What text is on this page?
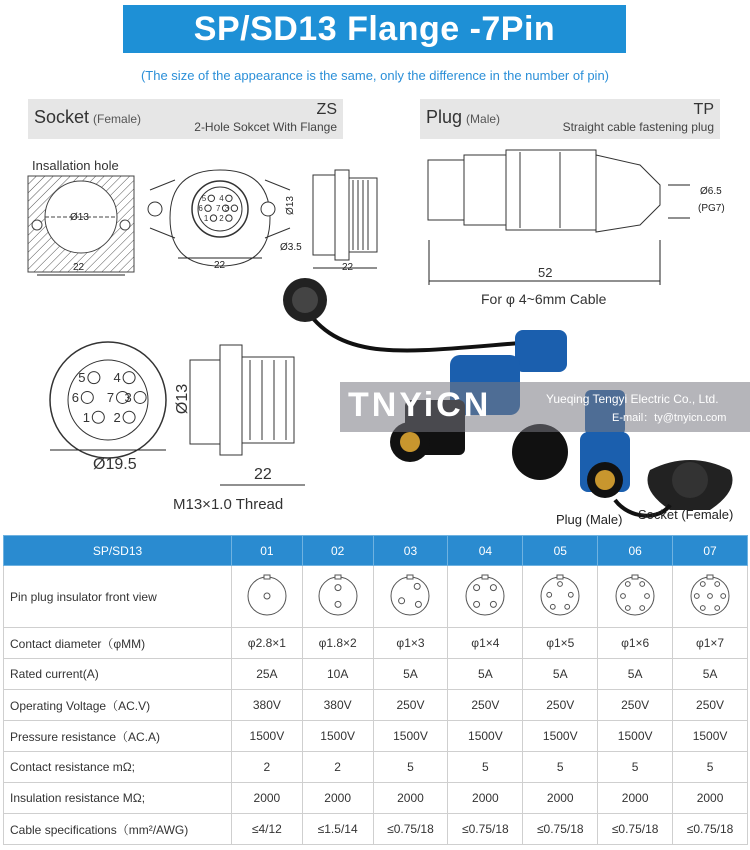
SP/SD13 Flange -7Pin
(The size of the appearance is the same, only the difference in the number of pin)
Socket (Female)
ZS
2-Hole Sokcet With Flange	Plug (Male)
TP
Straight cable fastening plug
5 4
6 7 3
1 2
5 4
6 7 3
1 2
Insallation hole
Ø13
22	22
Ø13
Ø3.5
22
Ø6.5
(PG7)
52
For φ 4~6mm Cable
Ø19.5
Ø13
22
M13×1.0 Thread
TNYiCN	Yueqing Tengyi Electric Co., Ltd.
E-mail：ty@tnyicn.com
Plug (Male) Socket (Female)
SP/SD13	01	02	03	04	05	06	07
Pin plug insulator front view							
Contact diameter（φMM)	φ2.8×1	φ1.8×2	φ1×3	φ1×4	φ1×5	φ1×6	φ1×7
Rated current(A)	25A	10A	5A	5A	5A	5A	5A
Operating Voltage（AC.V)	380V	380V	250V	250V	250V	250V	250V
Pressure resistance（AC.A)	1500V	1500V	1500V	1500V	1500V	1500V	1500V
Contact resistance mΩ;	2	2	5	5	5	5	5
Insulation resistance MΩ;	2000	2000	2000	2000	2000	2000	2000
Cable specifications（mm²/AWG)	≤4/12	≤1.5/14	≤0.75/18	≤0.75/18	≤0.75/18	≤0.75/18	≤0.75/18
